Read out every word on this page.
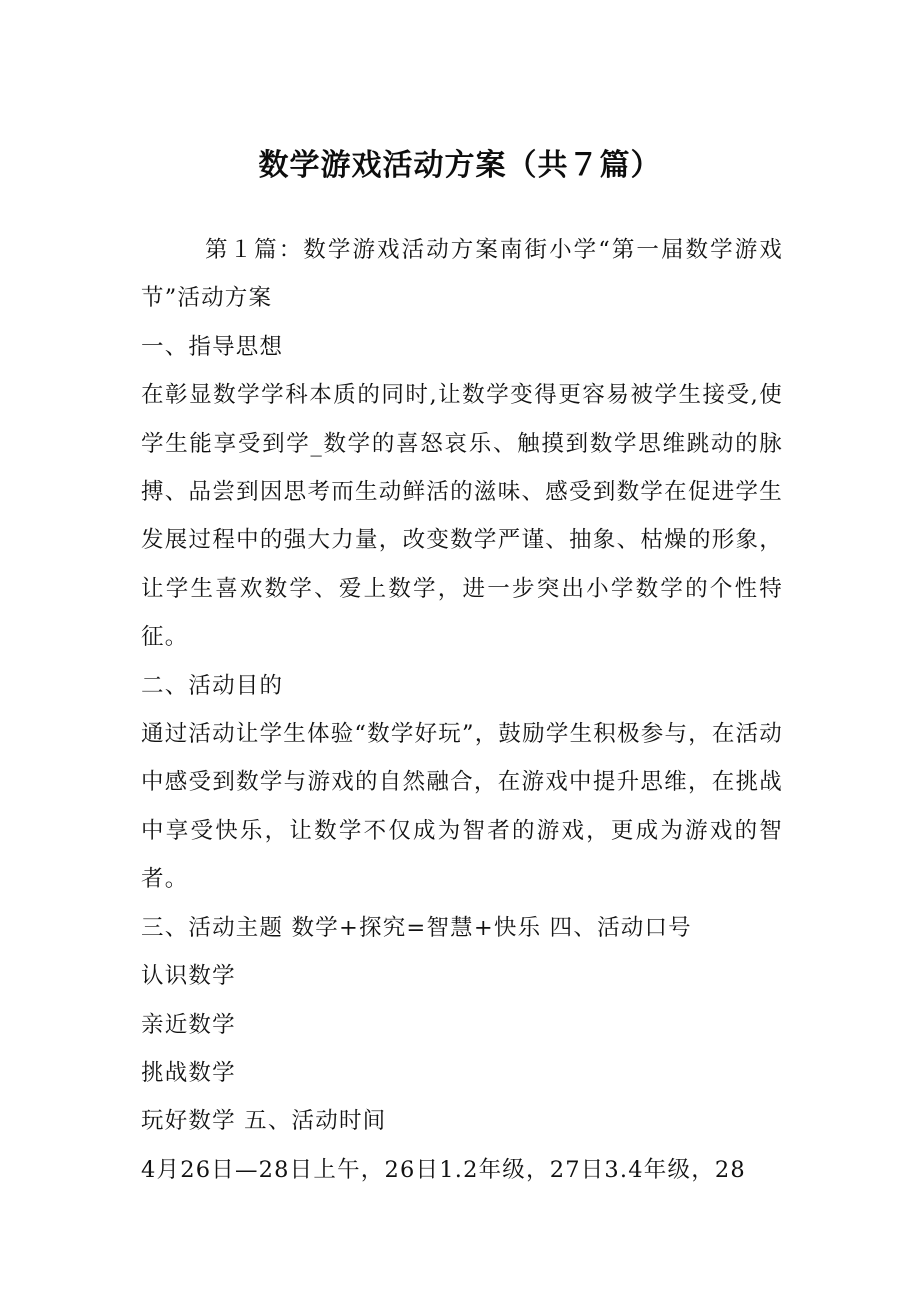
数学游戏活动方案（共７篇）

第１篇：数学游戏活动方案南街小学“第一届数学游戏节”活动方案

一、指导思想

在彰显数学学科本质的同时,让数学变得更容易被学生接受,使学生能享受到学_数学的喜怒哀乐、触摸到数学思维跳动的脉搏、品尝到因思考而生动鲜活的滋味、感受到数学在促进学生发展过程中的强大力量，改变数学严谨、抽象、枯燥的形象，让学生喜欢数学、爱上数学，进一步突出小学数学的个性特征。

二、活动目的

通过活动让学生体验“数学好玩”，鼓励学生积极参与，在活动中感受到数学与游戏的自然融合，在游戏中提升思维，在挑战中享受快乐，让数学不仅成为智者的游戏，更成为游戏的智者。

三、活动主题 数学+探究=智慧+快乐 四、活动口号

认识数学

亲近数学

挑战数学

玩好数学 五、活动时间

4月26日—28日上午，26日1.2年级，27日3.4年级，28
